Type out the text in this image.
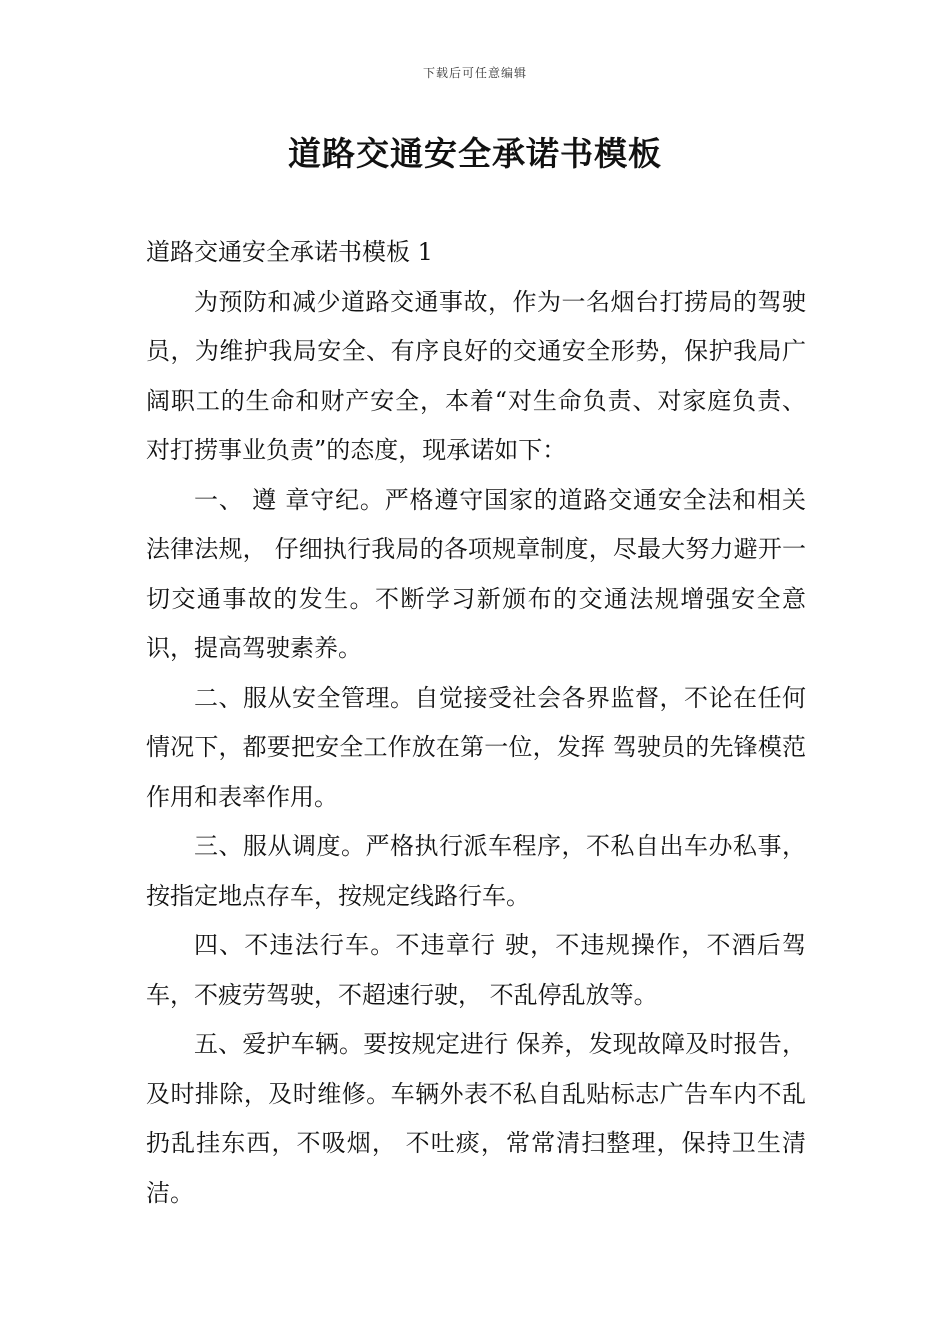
下载后可任意编辑
道路交通安全承诺书模板

道路交通安全承诺书模板 1

为预防和减少道路交通事故，作为一名烟台打捞局的驾驶员，为维护我局安全、有序良好的交通安全形势，保护我局广阔职工的生命和财产安全，本着“对生命负责、对家庭负责、对打捞事业负责”的态度，现承诺如下：

一、 遵 章守纪。严格遵守国家的道路交通安全法和相关法律法规， 仔细执行我局的各项规章制度，尽最大努力避开一切交通事故的发生。不断学习新颁布的交通法规增强安全意识，提高驾驶素养。

二、服从安全管理。自觉接受社会各界监督，不论在任何情况下，都要把安全工作放在第一位，发挥 驾驶员的先锋模范作用和表率作用。

三、服从调度。严格执行派车程序，不私自出车办私事，按指定地点存车，按规定线路行车。

四、不违法行车。不违章行 驶，不违规操作，不酒后驾车，不疲劳驾驶，不超速行驶， 不乱停乱放等。

五、爱护车辆。要按规定进行 保养，发现故障及时报告，及时排除，及时维修。车辆外表不私自乱贴标志广告车内不乱扔乱挂东西，不吸烟， 不吐痰，常常清扫整理，保持卫生清洁。
